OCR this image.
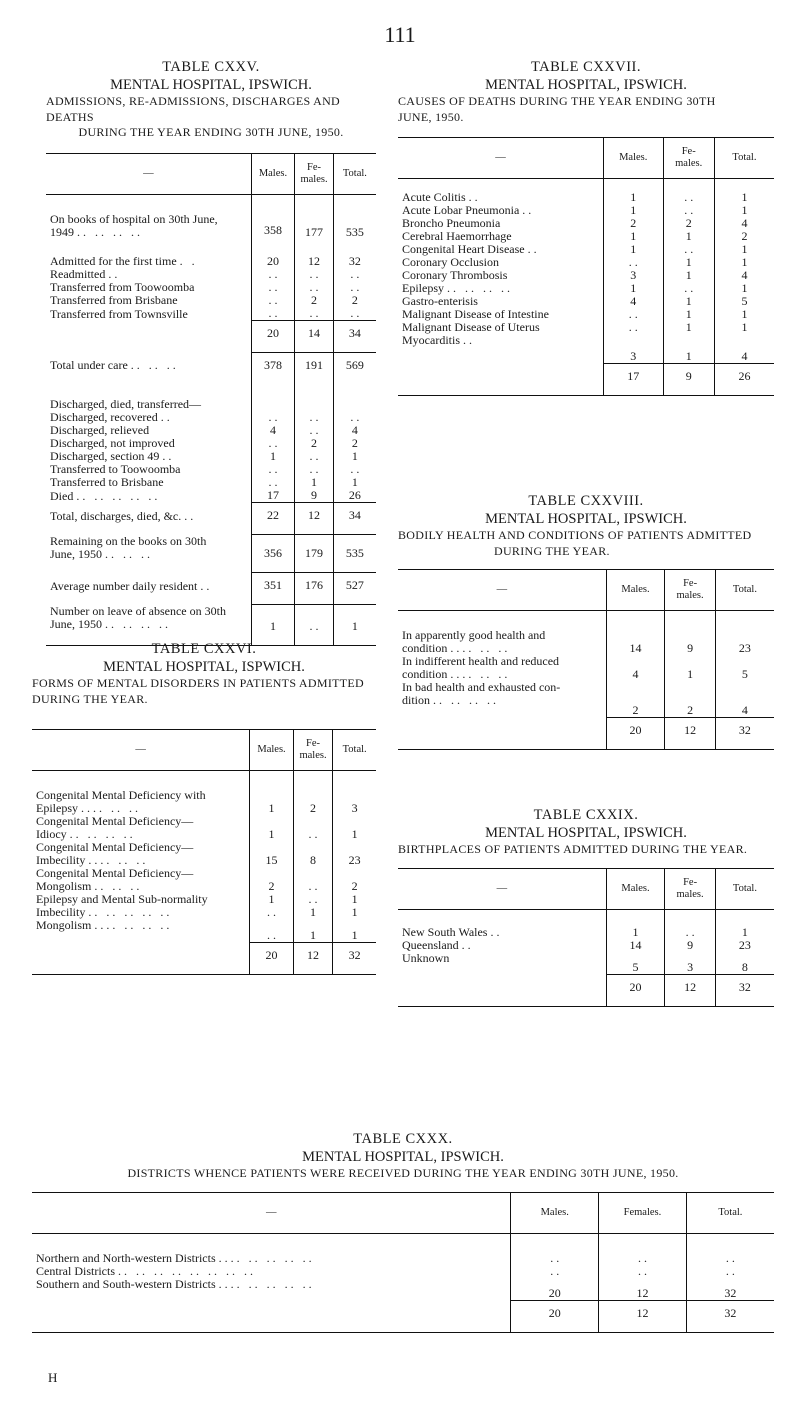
111
TABLE CXXV.
MENTAL HOSPITAL, IPSWICH.
ADMISSIONS, RE-ADMISSIONS, DISCHARGES AND DEATHS
DURING THE YEAR ENDING 30TH JUNE, 1950.
—	Males.	Fe-
males.	Total.
On books of hospital on 30th June,
1949 .. .. .. ..	358	177	535
Admitted for the first time . .	20	12	32
Readmitted . .	. .	. .	. .
Transferred from Toowoomba	. .	. .	. .
Transferred from Brisbane	. .	2	2
Transferred from Townsville	. .	. .	. .
	20	14	34
Total under care .. .. ..	378	191	569
Discharged, died, transferred—			
Discharged, recovered . .	. .	. .	. .
Discharged, relieved	4	. .	4
Discharged, not improved	. .	2	2
Discharged, section 49 . .	1	. .	1
Transferred to Toowoomba	. .	. .	. .
Transferred to Brisbane	. .	1	1
Died .. .. .. .. ..	17	9	26
Total, discharges, died, &c. ..	22	12	34
Remaining on the books on 30th
June, 1950 .. .. ..	356	179	535
Average number daily resident ..	351	176	527
Number on leave of absence on 30th
June, 1950 .. .. .. ..	1	. .	1
TABLE CXXVI.
MENTAL HOSPITAL, ISPWICH.
FORMS OF MENTAL DISORDERS IN PATIENTS ADMITTED
DURING THE YEAR.
—	Males.	Fe-
males.	Total.
Congenital Mental Deficiency with
Epilepsy . . .. .. ..	1	2	3
Congenital Mental Deficiency—
Idiocy .. .. .. ..	1	. .	1
Congenital Mental Deficiency—
Imbecility . . .. .. ..	15	8	23
Congenital Mental Deficiency—
Mongolism .. .. ..	2	. .	2
Epilepsy and Mental Sub-normality	1	. .	1
Imbecility .. .. .. .. ..	. .	1	1
Mongolism . . .. .. .. ..	. .	1	1
	20	12	32
TABLE CXXVII.
MENTAL HOSPITAL, IPSWICH.
CAUSES OF DEATHS DURING THE YEAR ENDING 30TH
JUNE, 1950.
—	Males.	Fe-
males.	Total.
Acute Colitis . .	1	. .	1
Acute Lobar Pneumonia . .	1	. .	1
Broncho Pneumonia	2	2	4
Cerebral Haemorrhage	1	1	2
Congenital Heart Disease . .	1	. .	1
Coronary Occlusion	. .	1	1
Coronary Thrombosis	3	1	4
Epilepsy .. .. .. ..	1	. .	1
Gastro-enterisis	4	1	5
Malignant Disease of Intestine	. .	1	1
Malignant Disease of Uterus	. .	1	1
Myocarditis . .	3	1	4
	17	9	26
TABLE CXXVIII.
MENTAL HOSPITAL, IPSWICH.
BODILY HEALTH AND CONDITIONS OF PATIENTS ADMITTED
DURING THE YEAR.
—	Males.	Fe-
males.	Total.
In apparently good health and
condition . . .. .. ..	14	9	23
In indifferent health and reduced
condition . . .. .. ..	4	1	5
In bad health and exhausted con-
dition .. .. .. ..	2	2	4
	20	12	32
TABLE CXXIX.
MENTAL HOSPITAL, IPSWICH.
BIRTHPLACES OF PATIENTS ADMITTED DURING THE YEAR.
—	Males.	Fe-
males.	Total.
New South Wales . .	1	. .	1
Queensland . .	14	9	23
Unknown	5	3	8
	20	12	32
TABLE CXXX.
MENTAL HOSPITAL, IPSWICH.
DISTRICTS WHENCE PATIENTS WERE RECEIVED DURING THE YEAR ENDING 30TH JUNE, 1950.
—	Males.	Females.	Total.
Northern and North-western Districts . . .. .. .. .. ..	. .	. .	. .
Central Districts .. .. .. .. .. .. .. ..	. .	. .	. .
Southern and South-western Districts . . .. .. .. .. ..	20	12	32
	20	12	32
H
